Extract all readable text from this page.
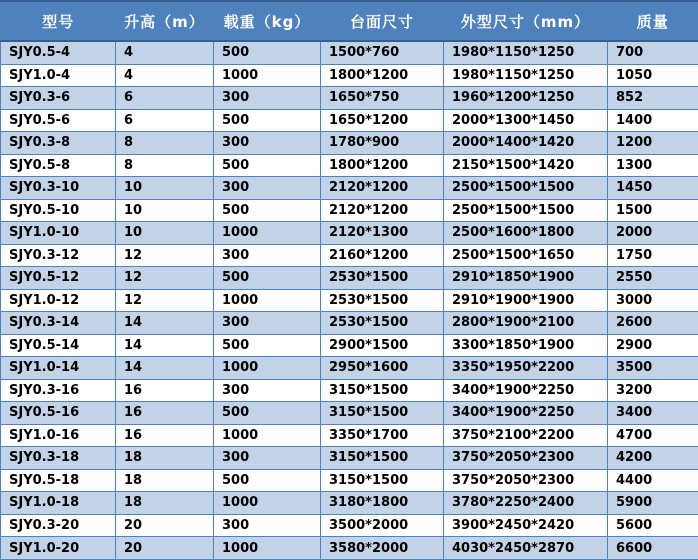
型号	升高（m）	载重（kg）	台面尺寸	外型尺寸（mm）	质量
SJY0.5-4	4	500	1500*760	1980*1150*1250	700
SJY1.0-4	4	1000	1800*1200	1980*1150*1250	1050
SJY0.3-6	6	300	1650*750	1960*1200*1250	852
SJY0.5-6	6	500	1650*1200	2000*1300*1450	1400
SJY0.3-8	8	300	1780*900	2000*1400*1420	1200
SJY0.5-8	8	500	1800*1200	2150*1500*1420	1300
SJY0.3-10	10	300	2120*1200	2500*1500*1500	1450
SJY0.5-10	10	500	2120*1200	2500*1500*1500	1500
SJY1.0-10	10	1000	2120*1300	2500*1600*1800	2000
SJY0.3-12	12	300	2160*1200	2500*1500*1650	1750
SJY0.5-12	12	500	2530*1500	2910*1850*1900	2550
SJY1.0-12	12	1000	2530*1500	2910*1900*1900	3000
SJY0.3-14	14	300	2530*1500	2800*1900*2100	2600
SJY0.5-14	14	500	2900*1500	3300*1850*1900	2900
SJY1.0-14	14	1000	2950*1600	3350*1950*2200	3500
SJY0.3-16	16	300	3150*1500	3400*1900*2250	3200
SJY0.5-16	16	500	3150*1500	3400*1900*2250	3400
SJY1.0-16	16	1000	3350*1700	3750*2100*2200	4700
SJY0.3-18	18	300	3150*1500	3750*2050*2300	4200
SJY0.5-18	18	500	3150*1500	3750*2050*2300	4400
SJY1.0-18	18	1000	3180*1800	3780*2250*2400	5900
SJY0.3-20	20	300	3500*2000	3900*2450*2420	5600
SJY1.0-20	20	1000	3580*2000	4030*2450*2870	6600
